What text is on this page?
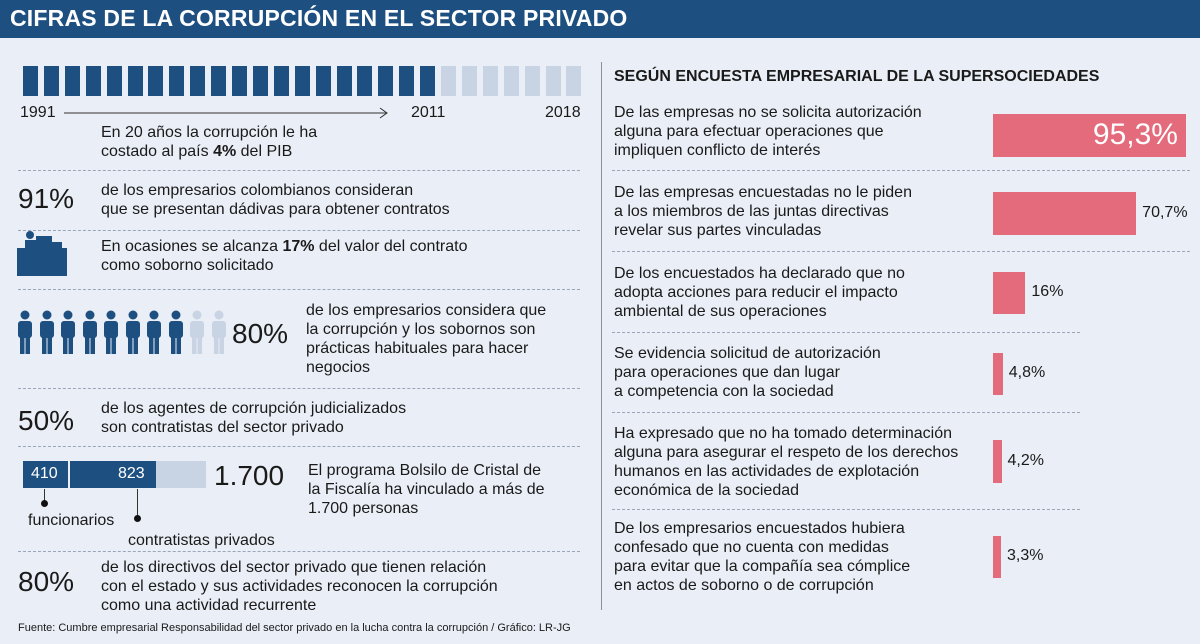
CIFRAS DE LA CORRUPCIÓN EN EL SECTOR PRIVADO
1991	2011	2018
En 20 años la corrupción le ha
costado al país 4% del PIB
91% de los empresarios colombianos consideran
que se presentan dádivas para obtener contratos
En ocasiones se alcanza 17% del valor del contrato
como soborno solicitado
80%
de los empresarios considera que
la corrupción y los sobornos son
prácticas habituales para hacer
negocios
50% de los agentes de corrupción judicializados
son contratistas del sector privado
410	823 1.700 El programa Bolsilo de Cristal de
la Fiscalía ha vinculado a más de
1.700 personas
funcionarios
contratistas privados
80% de los directivos del sector privado que tienen relación
con el estado y sus actividades reconocen la corrupción
como una actividad recurrente
SEGÚN ENCUESTA EMPRESARIAL DE LA SUPERSOCIEDADES
De las empresas no se solicita autorización
alguna para efectuar operaciones que
impliquen conflicto de interés	95,3%
De las empresas encuestadas no le piden
a los miembros de las juntas directivas
revelar sus partes vinculadas
70,7%
De los encuestados ha declarado que no
adopta acciones para reducir el impacto
ambiental de sus operaciones
16%
Se evidencia solicitud de autorización
para operaciones que dan lugar
a competencia con la sociedad
4,8%
Ha expresado que no ha tomado determinación
alguna para asegurar el respeto de los derechos
humanos en las actividades de explotación
económica de la sociedad
4,2%
De los empresarios encuestados hubiera
confesado que no cuenta con medidas
para evitar que la compañía sea cómplice
en actos de soborno o de corrupción
3,3%
Fuente: Cumbre empresarial Responsabilidad del sector privado en la lucha contra la corrupción / Gráfico: LR-JG
